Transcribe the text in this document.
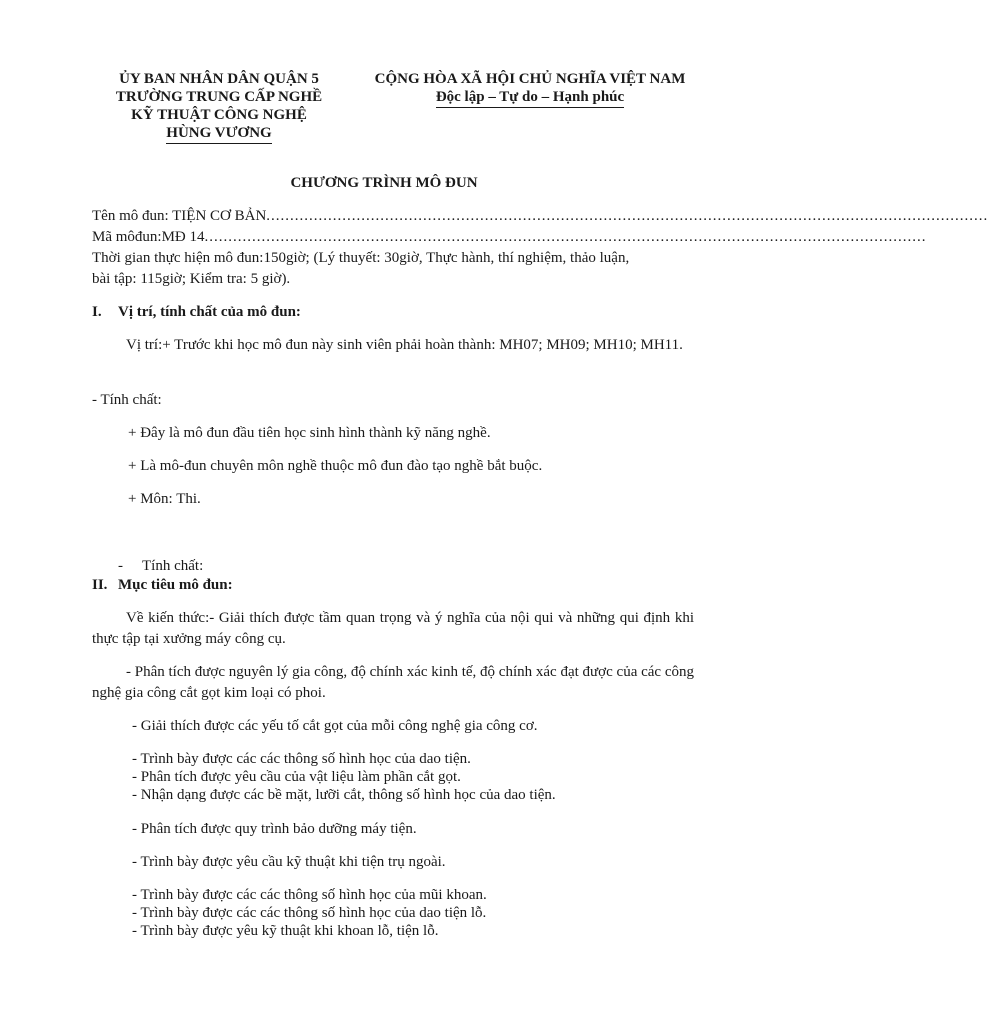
ỦY BAN NHÂN DÂN QUẬN 5
TRƯỜNG TRUNG CẤP NGHỀ
KỸ THUẬT CÔNG NGHỆ
HÙNG VƯƠNG
CỘNG HÒA XÃ HỘI CHỦ NGHĨA VIỆT NAM
Độc lập – Tự do – Hạnh phúc
CHƯƠNG TRÌNH MÔ ĐUN
Tên mô đun: TIỆN CƠ BẢN ........................................................................................................................................................
Mã môđun:MĐ 14 ........................................................................................................................................................
Thời gian thực hiện mô đun:150giờ; (Lý thuyết: 30giờ, Thực hành, thí nghiệm, thảo luận,
bài tập: 115giờ; Kiểm tra: 5 giờ).
I. Vị trí, tính chất của mô đun:
Vị trí:+ Trước khi học mô đun này sinh viên phải hoàn thành: MH07; MH09; MH10; MH11.
- Tính chất:
+ Đây là mô đun đầu tiên học sinh hình thành kỹ năng nghề.
+ Là mô-đun chuyên môn nghề thuộc mô đun đào tạo nghề bắt buộc.
+ Môn: Thi.
- Tính chất:
II. Mục tiêu mô đun:
Về kiến thức:- Giải thích được tầm quan trọng và ý nghĩa của nội qui và những qui định khi thực tập tại xưởng máy công cụ.
- Phân tích được nguyên lý gia công, độ chính xác kinh tế, độ chính xác đạt được của các công nghệ gia công cắt gọt kim loại có phoi.
- Giải thích được các yếu tố cắt gọt của mỗi công nghệ gia công cơ.
- Trình bày được các các thông số hình học của dao tiện.
- Phân tích được yêu cầu của vật liệu làm phần cắt gọt.
- Nhận dạng được các bề mặt, lưỡi cắt, thông số hình học của dao tiện.
- Phân tích được quy trình bảo dưỡng máy tiện.
- Trình bày được yêu cầu kỹ thuật khi tiện trụ ngoài.
- Trình bày được các các thông số hình học của mũi khoan.
- Trình bày được các các thông số hình học của dao tiện lỗ.
- Trình bày được yêu kỹ thuật khi khoan lỗ, tiện lỗ.
